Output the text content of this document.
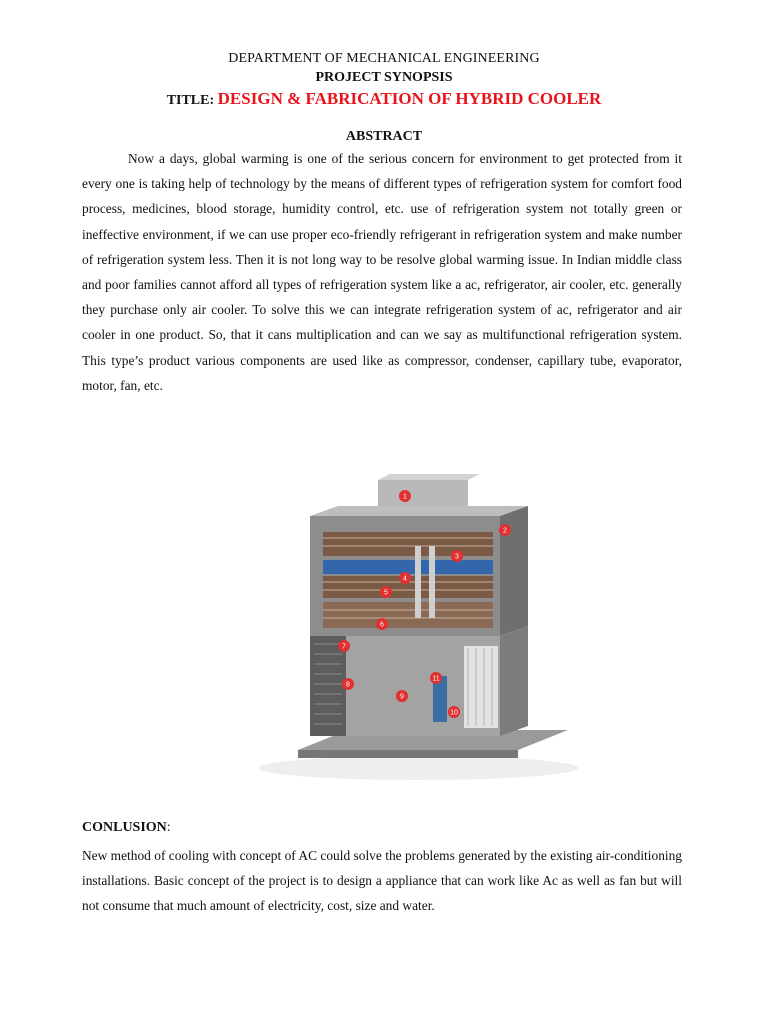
DEPARTMENT OF MECHANICAL ENGINEERING
PROJECT SYNOPSIS
TITLE: DESIGN & FABRICATION OF HYBRID COOLER
ABSTRACT
Now a days, global warming is one of the serious concern for environment to get protected from it every one is taking help of technology by the means of different types of refrigeration system for comfort food process, medicines, blood storage, humidity control, etc. use of refrigeration system not totally green or ineffective environment, if we can use proper eco-friendly refrigerant in refrigeration system and make number of refrigeration system less. Then it is not long way to be resolve global warming issue. In Indian middle class and poor families cannot afford all types of refrigeration system like a ac, refrigerator, air cooler, etc. generally they purchase only air cooler. To solve this we can integrate refrigeration system of ac, refrigerator and air cooler in one product. So, that it cans multiplication and can we say as multifunctional refrigeration system. This type’s product various components are used like as compressor, condenser, capillary tube, evaporator, motor, fan, etc.
1
2
3
4
5
6
7
8
9
10
11
CONLUSION:
New method of cooling with concept of AC could solve the problems generated by the existing air-conditioning installations. Basic concept of the project is to design a appliance that can work like Ac as well as fan but will not consume that much amount of electricity, cost, size and water.
